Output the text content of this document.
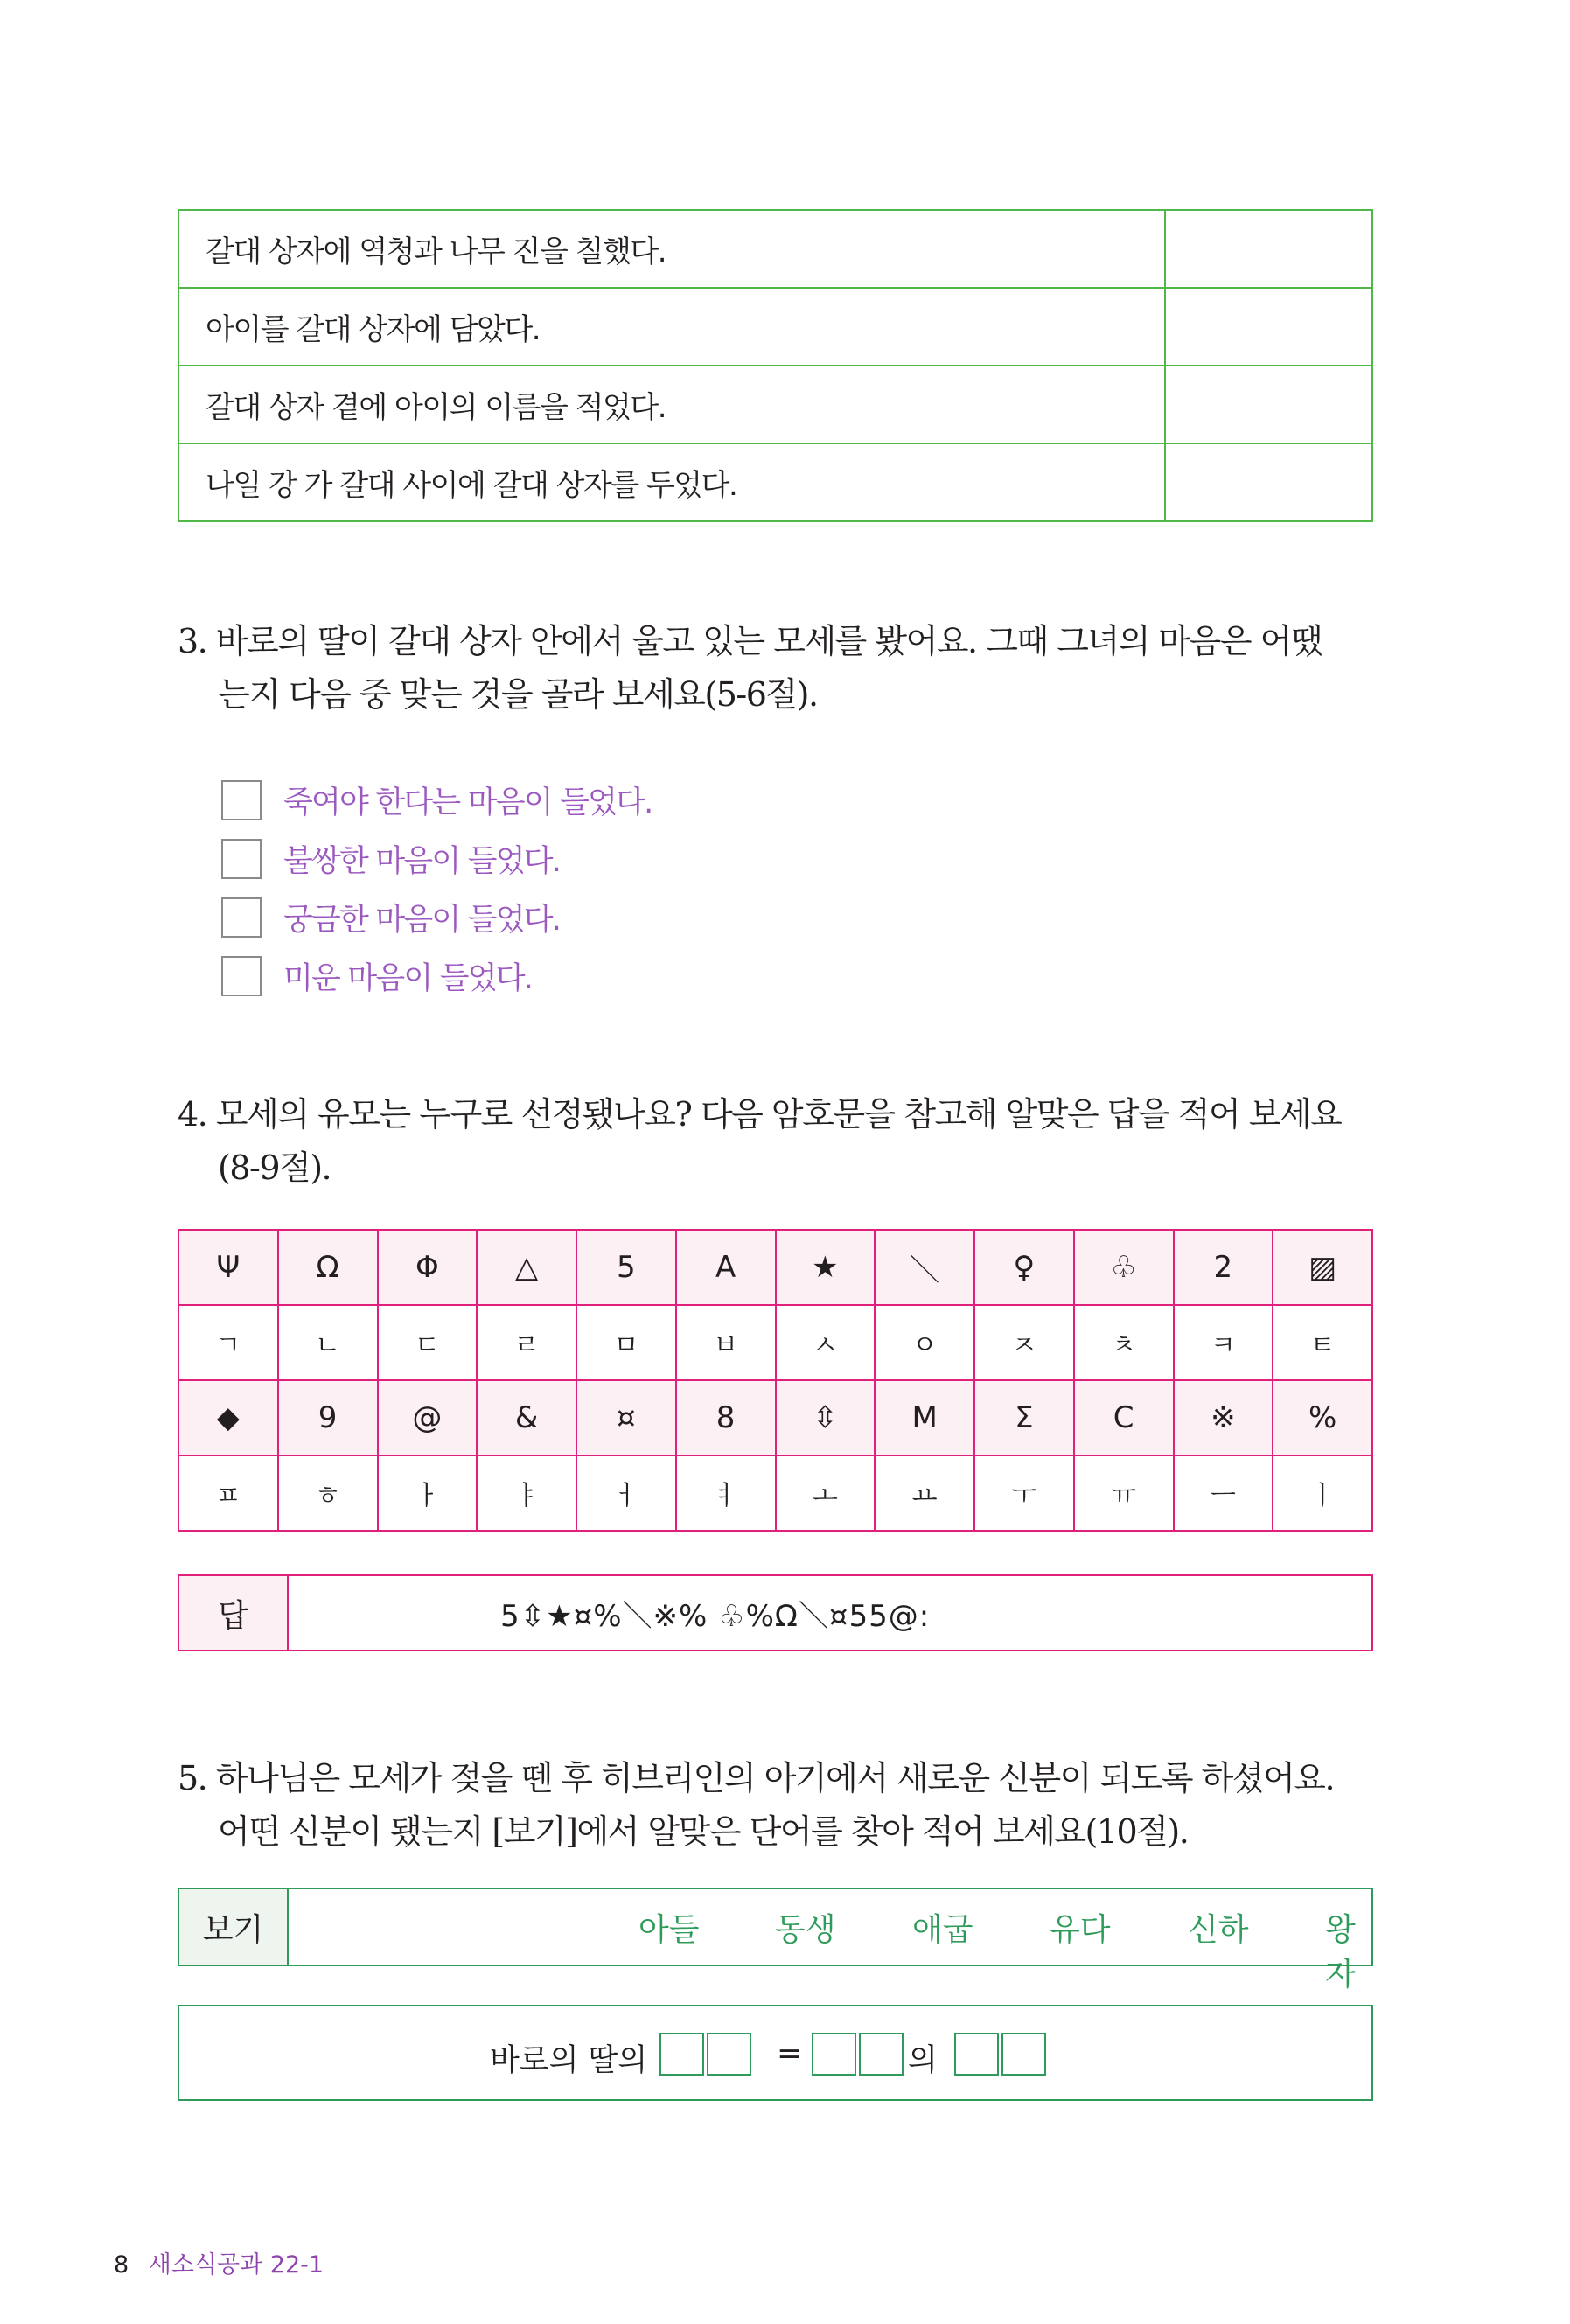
갈대 상자에 역청과 나무 진을 칠했다.	
아이를 갈대 상자에 담았다.	
갈대 상자 곁에 아이의 이름을 적었다.	
나일 강 가 갈대 사이에 갈대 상자를 두었다.	
3. 바로의 딸이 갈대 상자 안에서 울고 있는 모세를 봤어요. 그때 그녀의 마음은 어땠
는지 다음 중 맞는 것을 골라 보세요(5-6절).
죽여야 한다는 마음이 들었다.
불쌍한 마음이 들었다.
궁금한 마음이 들었다.
미운 마음이 들었다.
4. 모세의 유모는 누구로 선정됐나요? 다음 암호문을 참고해 알맞은 답을 적어 보세요
(8-9절).
Ψ	Ω	Φ	△	5	A	★	＼	♀	♧	2	▨
ㄱ	ㄴ	ㄷ	ㄹ	ㅁ	ㅂ	ㅅ	ㅇ	ㅈ	ㅊ	ㅋ	ㅌ
◆	9	@	&	¤	8	⇳	M	Σ	C	※	%
ㅍ	ㅎ	ㅏ	ㅑ	ㅓ	ㅕ	ㅗ	ㅛ	ㅜ	ㅠ	ㅡ	ㅣ
답	5⇳★¤%＼※% ♧%Ω＼¤55@:
5. 하나님은 모세가 젖을 뗀 후 히브리인의 아기에서 새로운 신분이 되도록 하셨어요.
어떤 신분이 됐는지 [보기]에서 알맞은 단어를 찾아 적어 보세요(10절).
보기	아들 동생 애굽 유다 신하 왕자
바로의 딸의	=	의
8 새소식공과 22-1
